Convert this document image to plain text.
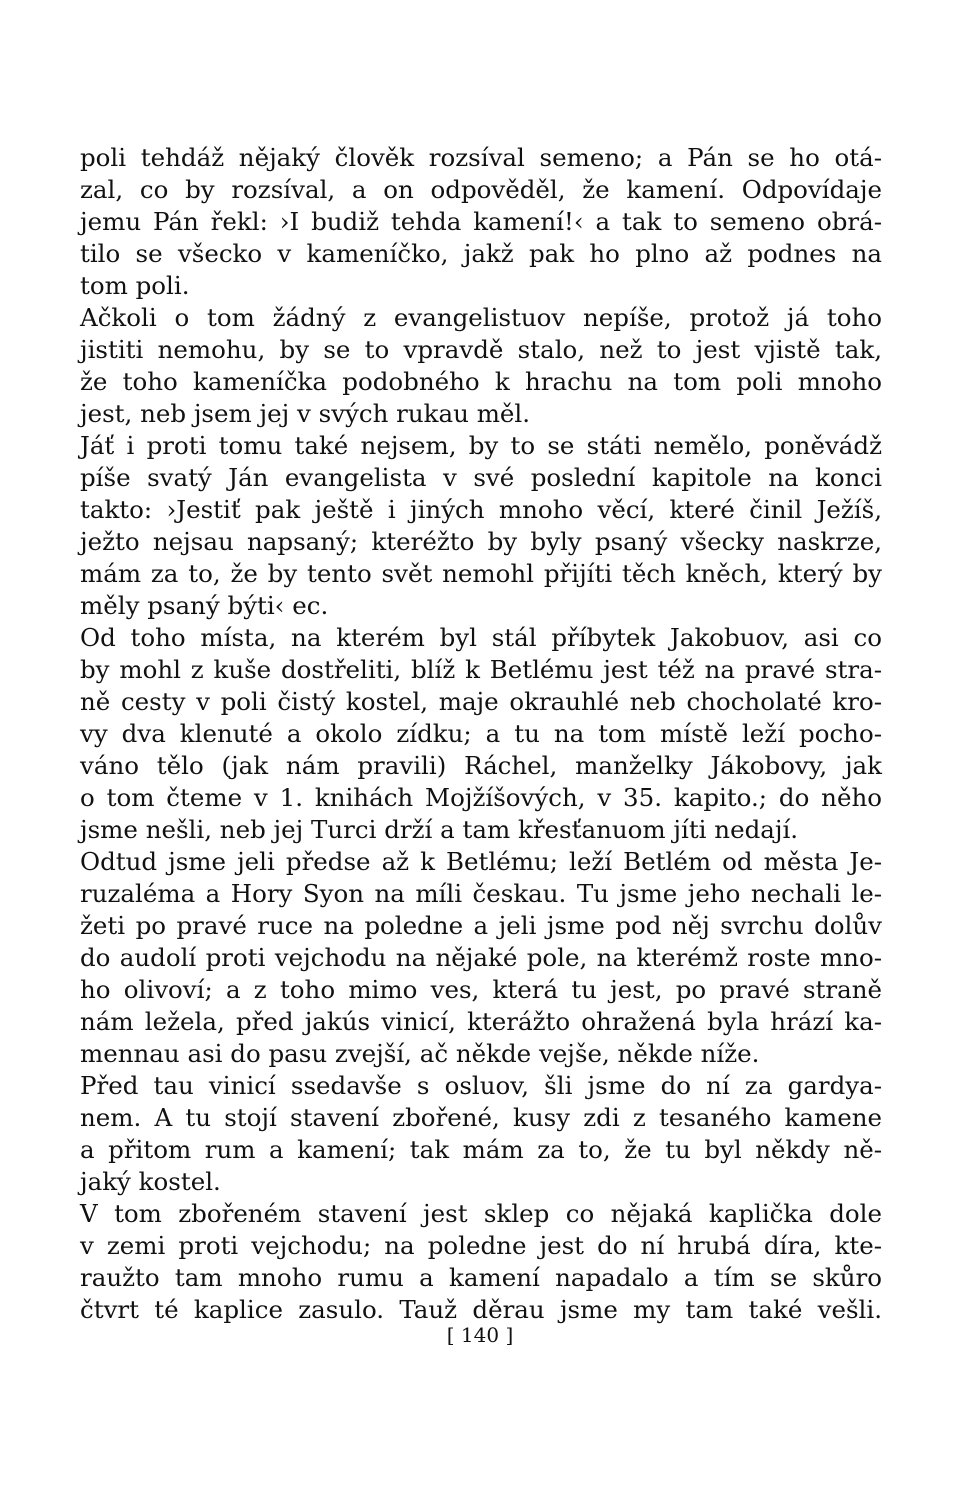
poli tehdáž nějaký člověk rozsíval semeno; a Pán se ho otá-
zal, co by rozsíval, a on odpověděl, že kamení. Odpovídaje
jemu Pán řekl: ›I budiž tehda kamení!‹ a tak to semeno obrá-
tilo se všecko v kameníčko, jakž pak ho plno až podnes na
tom poli.
Ačkoli o tom žádný z evangelistuov nepíše, protož já toho
jistiti nemohu, by se to vpravdě stalo, než to jest vjistě tak,
že toho kameníčka podobného k hrachu na tom poli mnoho
jest, neb jsem jej v svých rukau měl.
Jáť i proti tomu také nejsem, by to se státi nemělo, poněvádž
píše svatý Ján evangelista v své poslední kapitole na konci
takto: ›Jestiť pak ještě i jiných mnoho věcí, které činil Ježíš,
ježto nejsau napsaný; kteréžto by byly psaný všecky naskrze,
mám za to, že by tento svět nemohl přijíti těch kněch, který by
měly psaný býti‹ ec.
Od toho místa, na kterém byl stál příbytek Jakobuov, asi co
by mohl z kuše dostřeliti, blíž k Betlému jest též na pravé stra-
ně cesty v poli čistý kostel, maje okrauhlé neb chocholaté kro-
vy dva klenuté a okolo zídku; a tu na tom místě leží pocho-
váno tělo (jak nám pravili) Ráchel, manželky Jákobovy, jak
o tom čteme v 1. knihách Mojžíšových, v 35. kapito.; do něho
jsme nešli, neb jej Turci drží a tam křesťanuom jíti nedají.
Odtud jsme jeli předse až k Betlému; leží Betlém od města Je-
ruzaléma a Hory Syon na míli českau. Tu jsme jeho nechali le-
žeti po pravé ruce na poledne a jeli jsme pod něj svrchu dolův
do audolí proti vejchodu na nějaké pole, na kterémž roste mno-
ho olivoví; a z toho mimo ves, která tu jest, po pravé straně
nám ležela, před jakús vinicí, kterážto ohražená byla hrází ka-
mennau asi do pasu zvejší, ač někde vejše, někde níže.
Před tau vinicí ssedavše s osluov, šli jsme do ní za gardya-
nem. A tu stojí stavení zbořené, kusy zdi z tesaného kamene
a přitom rum a kamení; tak mám za to, že tu byl někdy ně-
jaký kostel.
V tom zbořeném stavení jest sklep co nějaká kaplička dole
v zemi proti vejchodu; na poledne jest do ní hrubá díra, kte-
raužto tam mnoho rumu a kamení napadalo a tím se skůro
čtvrt té kaplice zasulo. Tauž děrau jsme my tam také vešli.
[ 140 ]
